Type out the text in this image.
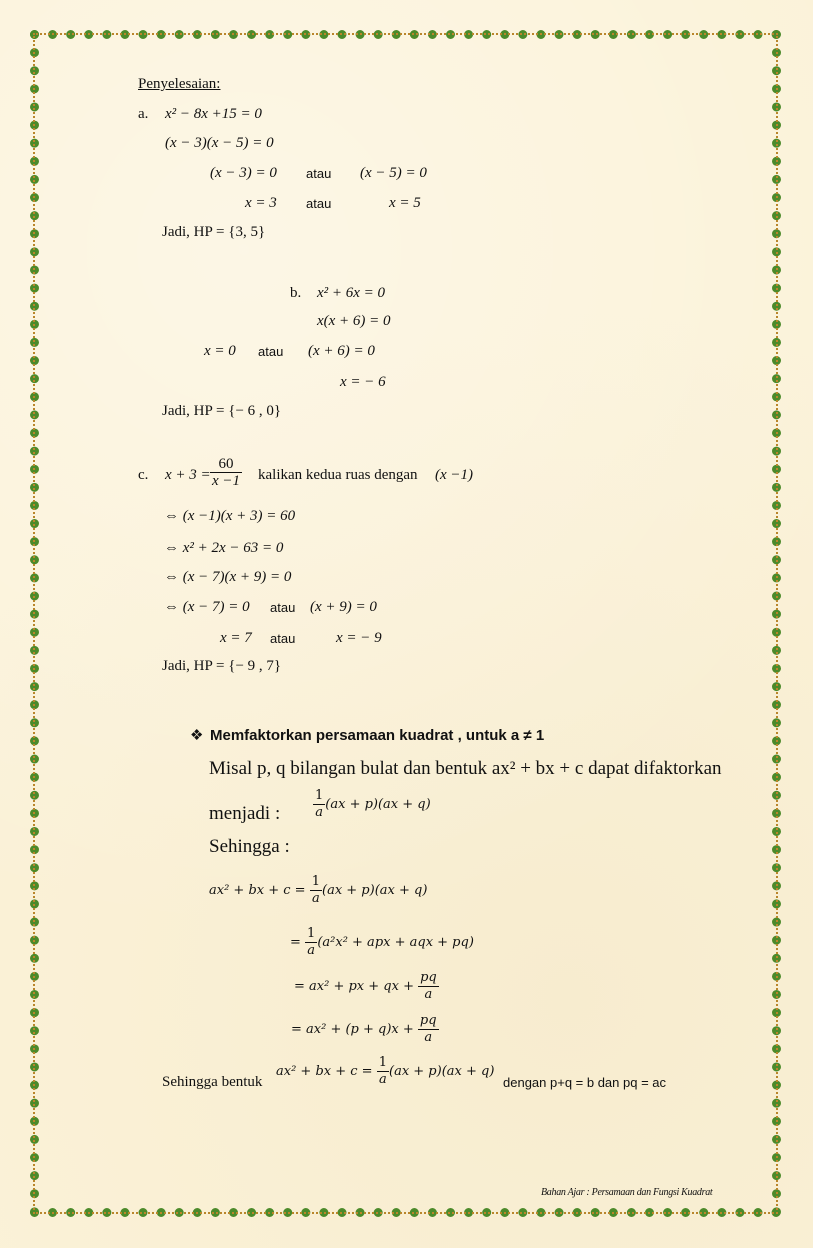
Penyelesaian:
a. x² − 8x +15 = 0
(x − 3)(x − 5) = 0
(x − 3) = 0 atau (x − 5) = 0
x = 3 atau	x = 5
Jadi, HP = {3, 5}
b. x² + 6x = 0
x(x + 6) = 0
x = 0 atau (x + 6) = 0
x = − 6
Jadi, HP = {− 6 , 0}
c. $x + 3 = \frac{60}{x -1}$ kalikan kedua ruas dengan (x −1)
⇔ (x −1)(x + 3) = 60
⇔ x² + 2x − 63 = 0
⇔ (x − 7)(x + 9) = 0
⇔ (x − 7) = 0 atau (x + 9) = 0
x = 7 atau	x = − 9
Jadi, HP = {− 9 , 7}
❖ Memfaktorkan persamaan kuadrat , untuk a ≠ 1
Misal p, q bilangan bulat dan bentuk ax² + bx + c dapat difaktorkan
menjadi :	$\frac{1}{a} (ax + p)(ax + q)$
Sehingga :
ax² + bx + $c = \frac{1}{a} (ax + p)(ax + q)$
= $\frac{1}{a} (a^2x^2$ + apx + aqx + pq)
= ax² + px + qx + $\frac{pq}{a}$
= $ax^2 + (p + q)x + \frac{pq}{a}$
Sehingga bentuk
ax² + bx + $c = \frac{1}{a} (ax + p)(ax + q)$
dengan p+q = b dan pq = ac
Bahan Ajar : Persamaan dan Fungsi Kuadrat
